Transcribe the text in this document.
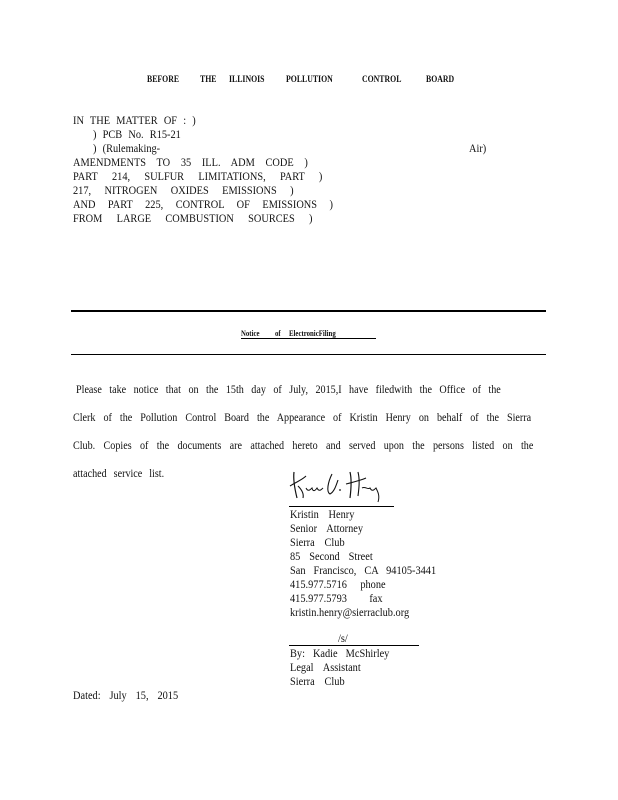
BEFORE THE ILLINOIS POLLUTION	CONTROL	BOARD
IN THE MATTER OF : )
) PCB No. R15-21
) (Rulemaking-	Air)
AMENDMENTS TO 35 ILL. ADM CODE )
PART 214, SULFUR LIMITATIONS, PART )
217, NITROGEN OXIDES EMISSIONS )
AND PART 225, CONTROL OF EMISSIONS )
FROM LARGE COMBUSTION SOURCES )
Notice of ElectronicFiling
Please take notice that on the 15th day of July, 2015,I have filedwith the Office of the
Clerk of the Pollution Control Board the Appearance of Kristin Henry on behalf of the Sierra
Club. Copies of the documents are attached hereto and served upon the persons listed on the
attached service list.
Kristin Henry
Senior Attorney
Sierra Club
85 Second Street
San Francisco, CA 94105-3441
415.977.5716 phone
415.977.5793 fax
kristin.henry@sierraclub.org
/s/
By: Kadie McShirley
Legal Assistant
Sierra Club
Dated: July 15, 2015
